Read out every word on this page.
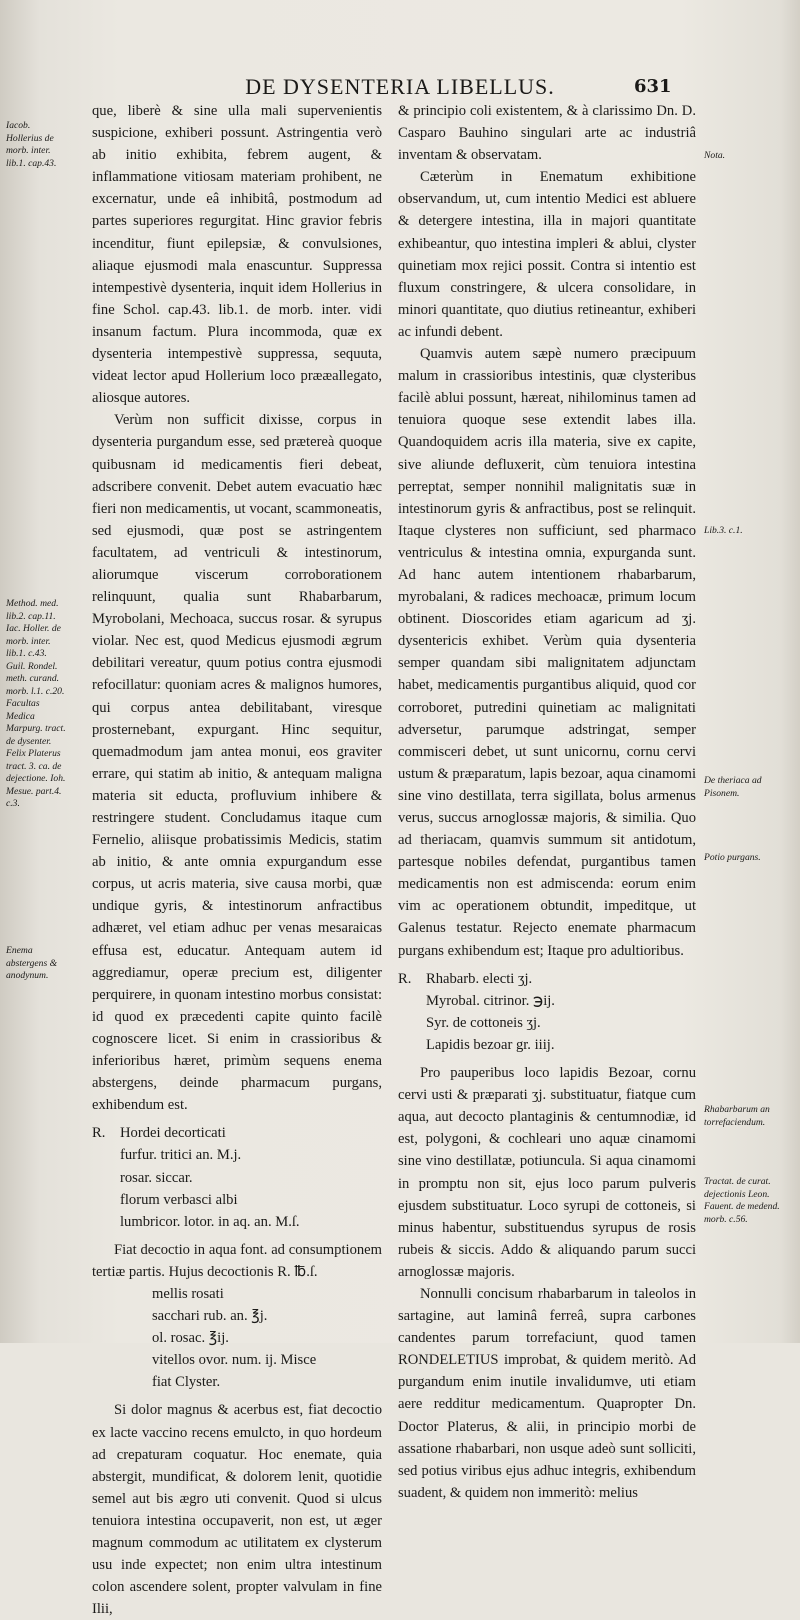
DE DYSENTERIA LIBELLUS.	631
Iacob. Hollerius de morb. inter. lib.1. cap.43.
Method. med. lib.2. cap.11. Iac. Holler. de morb. inter. lib.1. c.43. Guil. Rondel. meth. curand. morb. l.1. c.20. Facultas Medica Marpurg. tract. de dysenter. Felix Platerus tract. 3. ca. de dejectione. Ioh. Mesue. part.4. c.3.
Enema abstergens & anodynum.
Nota.
Lib.3. c.1.
De theriaca ad Pisonem.
Potio purgans.
Rhabarbarum an torrefaciendum.
Tractat. de curat. dejectionis Leon. Fauent. de medend. morb. c.56.

que, liberè & sine ulla mali supervenientis suspicione, exhiberi possunt. Astringentia verò ab initio exhibita, febrem augent, & inflammatione vitiosam materiam prohibent, ne excernatur, unde eâ inhibitâ, postmodum ad partes superiores regurgitat. Hinc gravior febris incenditur, fiunt epilepsiæ, & convulsiones, aliaque ejusmodi mala enascuntur. Suppressa intempestivè dysenteria, inquit idem Hollerius in fine Schol. cap.43. lib.1. de morb. inter. vidi insanum factum. Plura incommoda, quæ ex dysenteria intempestivè suppressa, sequuta, videat lector apud Hollerium loco prææallegato, aliosque autores.

Verùm non sufficit dixisse, corpus in dysenteria purgandum esse, sed prætereà quoque quibusnam id medicamentis fieri debeat, adscribere convenit. Debet autem evacuatio hæc fieri non medicamentis, ut vocant, scammoneatis, sed ejusmodi, quæ post se astringentem facultatem, ad ventriculi & intestinorum, aliorumque viscerum corroborationem relinquunt, qualia sunt Rhabarbarum, Myrobolani, Mechoaca, succus rosar. & syrupus violar. Nec est, quod Medicus ejusmodi ægrum debilitari vereatur, quum potius contra ejusmodi refocillatur: quoniam acres & malignos humores, qui corpus antea debilitabant, viresque prosternebant, expurgant. Hinc sequitur, quemadmodum jam antea monui, eos graviter errare, qui statim ab initio, & antequam maligna materia sit educta, profluvium inhibere & restringere student. Concludamus itaque cum Fernelio, aliisque probatissimis Medicis, statim ab initio, & ante omnia expurgandum esse corpus, ut acris materia, sive causa morbi, quæ undique gyris, & intestinorum anfractibus adhæret, vel etiam adhuc per venas mesaraicas effusa est, educatur. Antequam autem id aggrediamur, operæ precium est, diligenter perquirere, in quonam intestino morbus consistat: id quod ex præcedenti capite quinto facilè cognoscere licet. Si enim in crassioribus & inferioribus hæret, primùm sequens enema abstergens, deinde pharmacum purgans, exhibendum est.

R. Hordei decorticati
furfur. tritici an. M.j.
rosar. siccar.
florum verbasci albi
lumbricor. lotor. in aq. an. M.ſ.

Fiat decoctio in aqua font. ad consumptionem tertiæ partis. Hujus decoctionis R. ℔.ſ.

mellis rosati
sacchari rub. an. ℥j.
ol. rosac. ℥ij.
vitellos ovor. num. ij. Misce
fiat Clyster.

Si dolor magnus & acerbus est, fiat decoctio ex lacte vaccino recens emulcto, in quo hordeum ad crepaturam coquatur. Hoc enemate, quia abstergit, mundificat, & dolorem lenit, quotidie semel aut bis ægro uti convenit. Quod si ulcus tenuiora intestina occupaverit, non est, ut æger magnum commodum ac utilitatem ex clysterum usu inde expectet; non enim ultra intestinum colon ascendere solent, propter valvulam in fine Ilii,

& principio coli existentem, & à clarissimo Dn. D. Casparo Bauhino singulari arte ac industriâ inventam & observatam.

Cæterùm in Enematum exhibitione observandum, ut, cum intentio Medici est abluere & detergere intestina, illa in majori quantitate exhibeantur, quo intestina impleri & ablui, clyster quinetiam mox rejici possit. Contra si intentio est fluxum constringere, & ulcera consolidare, in minori quantitate, quo diutius retineantur, exhiberi ac infundi debent.

Quamvis autem sæpè numero præcipuum malum in crassioribus intestinis, quæ clysteribus facilè ablui possunt, hæreat, nihilominus tamen ad tenuiora quoque sese extendit labes illa. Quandoquidem acris illa materia, sive ex capite, sive aliunde defluxerit, cùm tenuiora intestina perreptat, semper nonnihil malignitatis suæ in intestinorum gyris & anfractibus, post se relinquit. Itaque clysteres non sufficiunt, sed pharmaco ventriculus & intestina omnia, expurganda sunt. Ad hanc autem intentionem rhabarbarum, myrobalani, & radices mechoacæ, primum locum obtinent. Dioscorides etiam agaricum ad ʒj. dysentericis exhibet. Verùm quia dysenteria semper quandam sibi malignitatem adjunctam habet, medicamentis purgantibus aliquid, quod cor corroboret, putredini quinetiam ac malignitati adversetur, parumque adstringat, semper commisceri debet, ut sunt unicornu, cornu cervi ustum & præparatum, lapis bezoar, aqua cinamomi sine vino destillata, terra sigillata, bolus armenus verus, succus arnoglossæ majoris, & similia. Quo ad theriacam, quamvis summum sit antidotum, partesque nobiles defendat, purgantibus tamen medicamentis non est admiscenda: eorum enim vim ac operationem obtundit, impeditque, ut Galenus testatur. Rejecto enemate pharmacum purgans exhibendum est; Itaque pro adultioribus.

R. Rhabarb. electi ʒj.
Myrobal. citrinor. ℈ij.
Syr. de cottoneis ʒj.
Lapidis bezoar gr. iiij.

Pro pauperibus loco lapidis Bezoar, cornu cervi usti & præparati ʒj. substituatur, fiatque cum aqua, aut decocto plantaginis & centumnodiæ, id est, polygoni, & cochleari uno aquæ cinamomi sine vino destillatæ, potiuncula. Si aqua cinamomi in promptu non sit, ejus loco parum pulveris ejusdem substituatur. Loco syrupi de cottoneis, si minus habentur, substituendus syrupus de rosis rubeis & siccis. Addo & aliquando parum succi arnoglossæ majoris.

Nonnulli concisum rhabarbarum in taleolos in sartagine, aut laminâ ferreâ, supra carbones candentes parum torrefaciunt, quod tamen RONDELETIUS improbat, & quidem meritò. Ad purgandum enim inutile invalidumve, uti etiam aere redditur medicamentum. Quapropter Dn. Doctor Platerus, & alii, in principio morbi de assatione rhabarbari, non usque adeò sunt solliciti, sed potius viribus ejus adhuc integris, exhibendum suadent, & quidem non immeritò: melius
